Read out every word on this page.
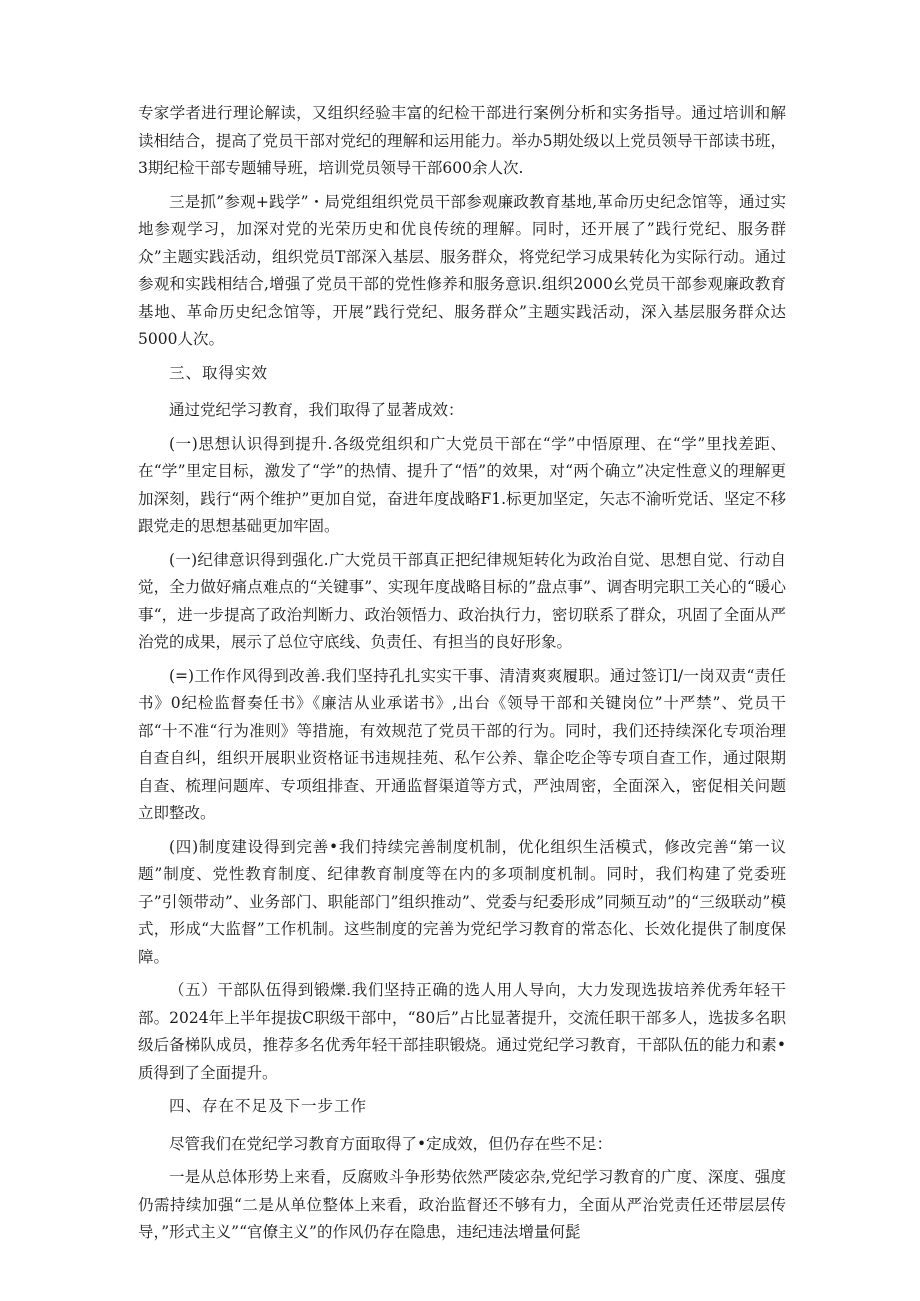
专家学者进行理论解读，又组织经验丰富的纪检干部进行案例分析和实务指导。通过培训和解读相结合，提高了党员干部对党纪的理解和运用能力。举办5期处级以上党员领导干部读书班，3期纪检干部专题辅导班，培训党员领导干部600余人次.

三是抓”参观+践学”・局党组组织党员干部参观廉政教育基地,革命历史纪念馆等，通过实地参观学习，加深对党的光荣历史和优良传统的理解。同时，还开展了”践行党纪、服务群众”主题实践活动，组织党员T部深入基层、服务群众，将党纪学习成果转化为实际行动。通过参观和实践相结合,增强了党员干部的党性修养和服务意识.组织2000幺党员干部参观廉政教育基地、革命历史纪念馆等，开展”践行党纪、服务群众”主题实践活动，深入基层服务群众达5000人次。

三、取得实效

通过党纪学习教育，我们取得了显著成效：

(一)思想认识得到提升.各级党组织和广大党员干部在“学”中悟原理、在“学”里找差距、在“学”里定目标，激发了“学”的热情、提升了“悟”的效果，对“两个确立”决定性意义的理解更加深刻，践行“两个维护”更加自觉，奋进年度战略F1.标更加坚定，矢志不渝听党话、坚定不移跟党走的思想基础更加牢固。

(一)纪律意识得到强化.广大党员干部真正把纪律规矩转化为政治自觉、思想自觉、行动自觉，全力做好痛点难点的“关键事”、实现年度战略目标的”盘点事”、调杳明完职工关心的“暖心事“，进一步提高了政治判断力、政治领悟力、政治执行力，密切联系了群众，巩固了全面从严治党的成果，展示了总位守底线、负责任、有担当的良好形象。

(=)工作作风得到改善.我们坚持孔扎实实干事、清清爽爽履职。通过签订l/一岗双责“责任书》0纪检监督奏任书》《廉洁从业承诺书》,出台《领导干部和关键岗位”十严禁”、党员干部“十不准“行为准则》等措施，有效规范了党员干部的行为。同时，我们还持续深化专项治理自查自纠，组织开展职业资格证书违规挂苑、私乍公养、靠企吃企等专项自查工作，通过限期自查、梳理问题库、专项组排查、开通监督渠道等方式，严浊周密，全面深入，密促相关问题立即整改。

(四)制度建设得到完善•我们持续完善制度机制，优化组织生活模式，修改完善“第一议题”制度、党性教育制度、纪律教育制度等在内的多项制度机制。同时，我们构建了党委班子”引领带动”、业务部门、职能部门”组织推动”、党委与纪委形成”同频互动”的“三级联动”模式，形成“大监督”工作机制。这些制度的完善为党纪学习教育的常态化、长效化提供了制度保障。

（五）干部队伍得到锻爍.我们坚持正确的选人用人导向，大力发现选拔培养优秀年轻干部。2024年上半年提拔C职级干部中，“80后”占比显著提升，交流任职干部多人，选拔多名职级后备梯队成员，推荐多名优秀年轻干部挂职锻烧。通过党纪学习教育，干部队伍的能力和素•质得到了全面提升。

四、存在不足及下一步工作

尽管我们在党纪学习教育方面取得了•定成效，但仍存在些不足：

一是从总体形势上来看，反腐败斗争形势依然严陵宓杂,党纪学习教育的广度、深度、强度仍需持续加强“二是从单位整体上来看，政治监督还不够有力，全面从严治党责任还带层层传导，”形式主义”“官僚主义”的作风仍存在隐患，违纪违法增量何髭
